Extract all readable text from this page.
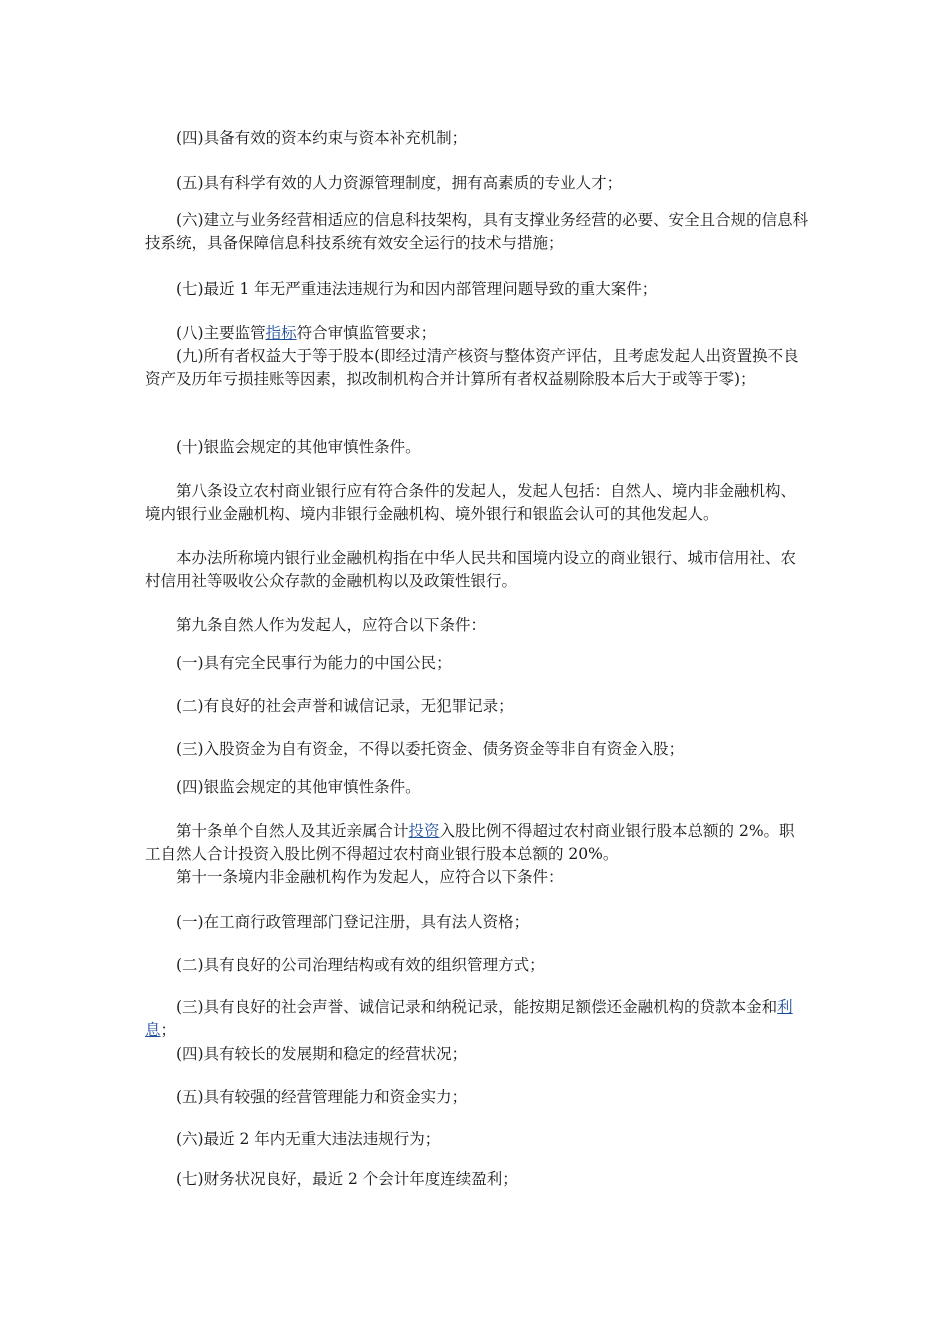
(四)具备有效的资本约束与资本补充机制；

(五)具有科学有效的人力资源管理制度，拥有高素质的专业人才；

(六)建立与业务经营相适应的信息科技架构，具有支撑业务经营的必要、安全且合规的信息科技系统，具备保障信息科技系统有效安全运行的技术与措施；

(七)最近 1 年无严重违法违规行为和因内部管理问题导致的重大案件；

(八)主要监管指标符合审慎监管要求；

(九)所有者权益大于等于股本(即经过清产核资与整体资产评估，且考虑发起人出资置换不良资产及历年亏损挂账等因素，拟改制机构合并计算所有者权益剔除股本后大于或等于零)；

(十)银监会规定的其他审慎性条件。

第八条设立农村商业银行应有符合条件的发起人，发起人包括：自然人、境内非金融机构、境内银行业金融机构、境内非银行金融机构、境外银行和银监会认可的其他发起人。

本办法所称境内银行业金融机构指在中华人民共和国境内设立的商业银行、城市信用社、农村信用社等吸收公众存款的金融机构以及政策性银行。

第九条自然人作为发起人，应符合以下条件：

(一)具有完全民事行为能力的中国公民；

(二)有良好的社会声誉和诚信记录，无犯罪记录；

(三)入股资金为自有资金，不得以委托资金、债务资金等非自有资金入股；

(四)银监会规定的其他审慎性条件。

第十条单个自然人及其近亲属合计投资入股比例不得超过农村商业银行股本总额的 2%。职工自然人合计投资入股比例不得超过农村商业银行股本总额的 20%。

第十一条境内非金融机构作为发起人，应符合以下条件：

(一)在工商行政管理部门登记注册，具有法人资格；

(二)具有良好的公司治理结构或有效的组织管理方式；

(三)具有良好的社会声誉、诚信记录和纳税记录，能按期足额偿还金融机构的贷款本金和利息；

(四)具有较长的发展期和稳定的经营状况；

(五)具有较强的经营管理能力和资金实力；

(六)最近 2 年内无重大违法违规行为；

(七)财务状况良好，最近 2 个会计年度连续盈利；
